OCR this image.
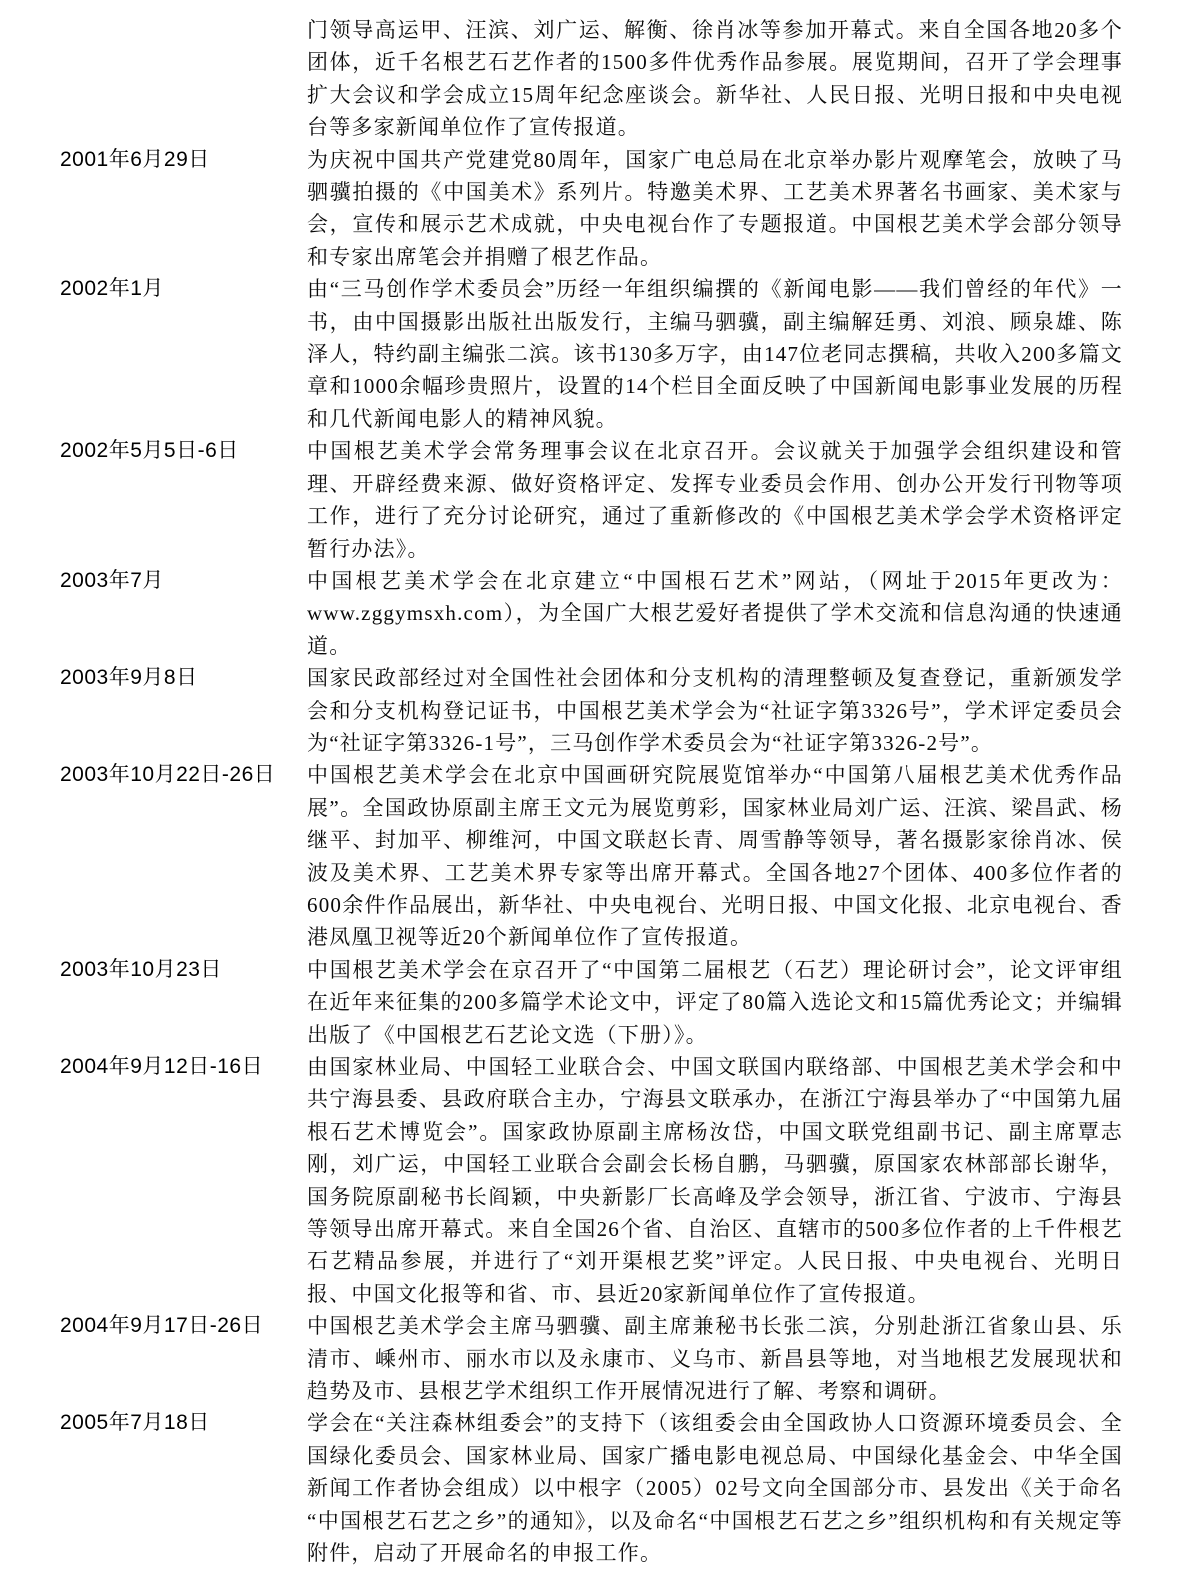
门领导高运甲、汪滨、刘广运、解衡、徐肖冰等参加开幕式。来自全国各地20多个团体，近千名根艺石艺作者的1500多件优秀作品参展。展览期间，召开了学会理事扩大会议和学会成立15周年纪念座谈会。新华社、人民日报、光明日报和中央电视台等多家新闻单位作了宣传报道。
2001年6月29日	为庆祝中国共产党建党80周年，国家广电总局在北京举办影片观摩笔会，放映了马驷骥拍摄的《中国美术》系列片。特邀美术界、工艺美术界著名书画家、美术家与会，宣传和展示艺术成就，中央电视台作了专题报道。中国根艺美术学会部分领导和专家出席笔会并捐赠了根艺作品。
2002年1月	由“三马创作学术委员会”历经一年组织编撰的《新闻电影——我们曾经的年代》一书，由中国摄影出版社出版发行，主编马驷骥，副主编解廷勇、刘浪、顾泉雄、陈泽人，特约副主编张二滨。该书130多万字，由147位老同志撰稿，共收入200多篇文章和1000余幅珍贵照片，设置的14个栏目全面反映了中国新闻电影事业发展的历程和几代新闻电影人的精神风貌。
2002年5月5日-6日	中国根艺美术学会常务理事会议在北京召开。会议就关于加强学会组织建设和管理、开辟经费来源、做好资格评定、发挥专业委员会作用、创办公开发行刊物等项工作，进行了充分讨论研究，通过了重新修改的《中国根艺美术学会学术资格评定暂行办法》。
2003年7月	中国根艺美术学会在北京建立“中国根石艺术”网站，（网址于2015年更改为：www.zggymsxh.com），为全国广大根艺爱好者提供了学术交流和信息沟通的快速通道。
2003年9月8日	国家民政部经过对全国性社会团体和分支机构的清理整顿及复查登记，重新颁发学会和分支机构登记证书，中国根艺美术学会为“社证字第3326号”，学术评定委员会为“社证字第3326-1号”，三马创作学术委员会为“社证字第3326-2号”。
2003年10月22日-26日	中国根艺美术学会在北京中国画研究院展览馆举办“中国第八届根艺美术优秀作品展”。全国政协原副主席王文元为展览剪彩，国家林业局刘广运、汪滨、梁昌武、杨继平、封加平、柳维河，中国文联赵长青、周雪静等领导，著名摄影家徐肖冰、侯波及美术界、工艺美术界专家等出席开幕式。全国各地27个团体、400多位作者的600余件作品展出，新华社、中央电视台、光明日报、中国文化报、北京电视台、香港凤凰卫视等近20个新闻单位作了宣传报道。
2003年10月23日	中国根艺美术学会在京召开了“中国第二届根艺（石艺）理论研讨会”，论文评审组在近年来征集的200多篇学术论文中，评定了80篇入选论文和15篇优秀论文；并编辑出版了《中国根艺石艺论文选（下册）》。
2004年9月12日-16日	由国家林业局、中国轻工业联合会、中国文联国内联络部、中国根艺美术学会和中共宁海县委、县政府联合主办，宁海县文联承办，在浙江宁海县举办了“中国第九届根石艺术博览会”。国家政协原副主席杨汝岱，中国文联党组副书记、副主席覃志刚，刘广运，中国轻工业联合会副会长杨自鹏，马驷骥，原国家农林部部长谢华，国务院原副秘书长阎颖，中央新影厂长高峰及学会领导，浙江省、宁波市、宁海县等领导出席开幕式。来自全国26个省、自治区、直辖市的500多位作者的上千件根艺石艺精品参展，并进行了“刘开渠根艺奖”评定。人民日报、中央电视台、光明日报、中国文化报等和省、市、县近20家新闻单位作了宣传报道。
2004年9月17日-26日	中国根艺美术学会主席马驷骥、副主席兼秘书长张二滨，分别赴浙江省象山县、乐清市、嵊州市、丽水市以及永康市、义乌市、新昌县等地，对当地根艺发展现状和趋势及市、县根艺学术组织工作开展情况进行了解、考察和调研。
2005年7月18日	学会在“关注森林组委会”的支持下（该组委会由全国政协人口资源环境委员会、全国绿化委员会、国家林业局、国家广播电影电视总局、中国绿化基金会、中华全国新闻工作者协会组成）以中根字（2005）02号文向全国部分市、县发出《关于命名“中国根艺石艺之乡”的通知》，以及命名“中国根艺石艺之乡”组织机构和有关规定等附件，启动了开展命名的申报工作。
